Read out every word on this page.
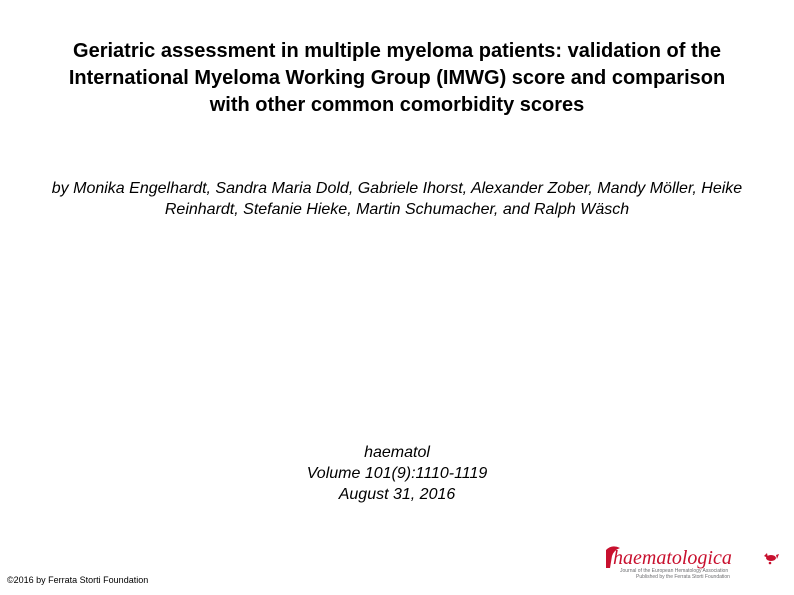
Geriatric assessment in multiple myeloma patients: validation of the International Myeloma Working Group (IMWG) score and comparison with other common comorbidity scores

by Monika Engelhardt, Sandra Maria Dold, Gabriele Ihorst, Alexander Zober, Mandy Möller, Heike Reinhardt, Stefanie Hieke, Martin Schumacher, and Ralph Wäsch

haematol
Volume 101(9):1110-1119
August 31, 2016
©2016 by Ferrata Storti Foundation
haematologica
Journal of the European Hematology Association
Published by the Ferrata Storti Foundation
